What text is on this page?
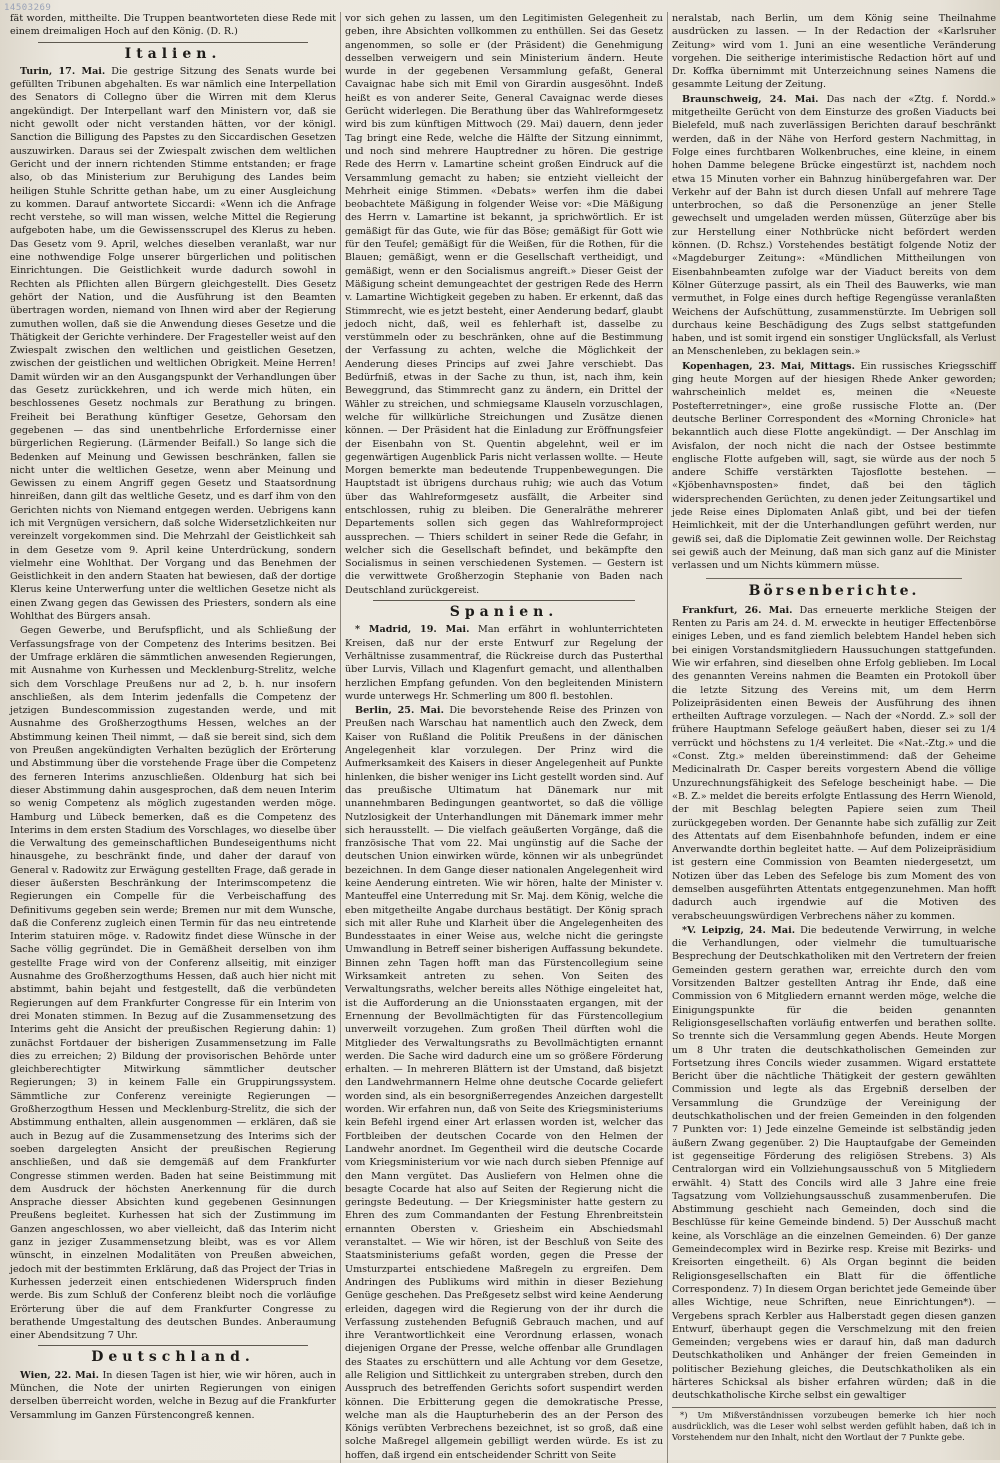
14503269

fät worden, mittheilte. Die Truppen beantworteten diese Rede mit einem dreimaligen Hoch auf den König. (D. R.)

Italien.

Turin, 17. Mai. Die gestrige Sitzung des Senats wurde bei gefüllten Tribunen abgehalten. Es war nämlich eine Interpellation des Senators di Collegno über die Wirren mit dem Klerus angekündigt. Der Interpellant warf den Ministern vor, daß sie nicht gewollt oder nicht verstanden hätten, vor der königl. Sanction die Billigung des Papstes zu den Siccardischen Gesetzen auszuwirken. Daraus sei der Zwiespalt zwischen dem weltlichen Gericht und der innern richtenden Stimme entstanden; er frage also, ob das Ministerium zur Beruhigung des Landes beim heiligen Stuhle Schritte gethan habe, um zu einer Ausgleichung zu kommen. Darauf antwortete Siccardi: «Wenn ich die Anfrage recht verstehe, so will man wissen, welche Mittel die Regierung aufgeboten habe, um die Gewissensscrupel des Klerus zu heben. Das Gesetz vom 9. April, welches dieselben veranlaßt, war nur eine nothwendige Folge unserer bürgerlichen und politischen Einrichtungen. Die Geistlichkeit wurde dadurch sowohl in Rechten als Pflichten allen Bürgern gleichgestellt. Dies Gesetz gehört der Nation, und die Ausführung ist den Beamten übertragen worden, niemand von Ihnen wird aber der Regierung zumuthen wollen, daß sie die Anwendung dieses Gesetze und die Thätigkeit der Gerichte verhindere. Der Fragesteller weist auf den Zwiespalt zwischen den weltlichen und geistlichen Gesetzen, zwischen der geistlichen und weltlichen Obrigkeit. Meine Herren! Damit würden wir an den Ausgangspunkt der Verhandlungen über das Gesetz zurückkehren, und ich werde mich hüten, ein beschlossenes Gesetz nochmals zur Berathung zu bringen. Freiheit bei Berathung künftiger Gesetze, Gehorsam den gegebenen — das sind unentbehrliche Erfordernisse einer bürgerlichen Regierung. (Lärmender Beifall.) So lange sich die Bedenken auf Meinung und Gewissen beschränken, fallen sie nicht unter die weltlichen Gesetze, wenn aber Meinung und Gewissen zu einem Angriff gegen Gesetz und Staatsordnung hinreißen, dann gilt das weltliche Gesetz, und es darf ihm von den Gerichten nichts von Niemand entgegen werden. Uebrigens kann ich mit Vergnügen versichern, daß solche Widersetzlichkeiten nur vereinzelt vorgekommen sind. Die Mehrzahl der Geistlichkeit sah in dem Gesetze vom 9. April keine Unterdrückung, sondern vielmehr eine Wohlthat. Der Vorgang und das Benehmen der Geistlichkeit in den andern Staaten hat bewiesen, daß der dortige Klerus keine Unterwerfung unter die weltlichen Gesetze nicht als einen Zwang gegen das Gewissen des Priesters, sondern als eine Wohlthat des Bürgers ansah.

Gegen Gewerbe, und Berufspflicht, und als Schließung der Verfassungsfrage von der Competenz des Interims besitzen. Bei der Umfrage erklären die sämmtlichen anwesenden Regierungen, mit Ausnahme von Kurhessen und Mecklenburg-Strelitz, welche sich dem Vorschlage Preußens nur ad 2, b. h. nur insofern anschließen, als dem Interim jedenfalls die Competenz der jetzigen Bundescommission zugestanden werde, und mit Ausnahme des Großherzogthums Hessen, welches an der Abstimmung keinen Theil nimmt, — daß sie bereit sind, sich dem von Preußen angekündigten Verhalten bezüglich der Erörterung und Abstimmung über die vorstehende Frage über die Competenz des ferneren Interims anzuschließen. Oldenburg hat sich bei dieser Abstimmung dahin ausgesprochen, daß dem neuen Interim so wenig Competenz als möglich zugestanden werden möge. Hamburg und Lübeck bemerken, daß es die Competenz des Interims in dem ersten Stadium des Vorschlages, wo dieselbe über die Verwaltung des gemeinschaftlichen Bundeseigenthums nicht hinausgehe, zu beschränkt finde, und daher der darauf von General v. Radowitz zur Erwägung gestellten Frage, daß gerade in dieser äußersten Beschränkung der Interimscompetenz die Regierungen ein Compelle für die Verbeischaffung des Definitivums gegeben sein werde; Bremen nur mit dem Wunsche, daß die Conferenz zugleich einen Termin für das neu eintretende Interim statuiren möge. v. Radowitz findet diese Wünsche in der Sache völlig gegründet. Die in Gemäßheit derselben von ihm gestellte Frage wird von der Conferenz allseitig, mit einziger Ausnahme des Großherzogthums Hessen, daß auch hier nicht mit abstimmt, bahin bejaht und festgestellt, daß die verbündeten Regierungen auf dem Frankfurter Congresse für ein Interim von drei Monaten stimmen. In Bezug auf die Zusammensetzung des Interims geht die Ansicht der preußischen Regierung dahin: 1) zunächst Fortdauer der bisherigen Zusammensetzung im Falle dies zu erreichen; 2) Bildung der provisorischen Behörde unter gleichberechtigter Mitwirkung sämmtlicher deutscher Regierungen; 3) in keinem Falle ein Gruppirungssystem. Sämmtliche zur Conferenz vereinigte Regierungen — Großherzogthum Hessen und Mecklenburg-Strelitz, die sich der Abstimmung enthalten, allein ausgenommen — erklären, daß sie auch in Bezug auf die Zusammensetzung des Interims sich der soeben dargelegten Ansicht der preußischen Regierung anschließen, und daß sie demgemäß auf dem Frankfurter Congresse stimmen werden. Baden hat seine Beistimmung mit dem Ausdruck der höchsten Anerkennung für die durch Ansprache diesser Absichten kund gegebenen Gesinnungen Preußens begleitet. Kurhessen hat sich der Zustimmung im Ganzen angeschlossen, wo aber vielleicht, daß das Interim nicht ganz in jeziger Zusammensetzung bleibt, was es vor Allem wünscht, in einzelnen Modalitäten von Preußen abweichen, jedoch mit der bestimmten Erklärung, daß das Project der Trias in Kurhessen jederzeit einen entschiedenen Widerspruch finden werde. Bis zum Schluß der Conferenz bleibt noch die vorläufige Erörterung über die auf dem Frankfurter Congresse zu berathende Umgestaltung des deutschen Bundes. Anberaumung einer Abendsitzung 7 Uhr.

Deutschland.

Wien, 22. Mai. In diesen Tagen ist hier, wie wir hören, auch in München, die Note der unirten Regierungen von einigen derselben überreicht worden, welche in Bezug auf die Frankfurter Versammlung im Ganzen Fürstencongreß kennen.

vor sich gehen zu lassen, um den Legitimisten Gelegenheit zu geben, ihre Absichten vollkommen zu enthüllen. Sei das Gesetz angenommen, so solle er (der Präsident) die Genehmigung desselben verweigern und sein Ministerium ändern. Heute wurde in der gegebenen Versammlung gefaßt, General Cavaignac habe sich mit Emil von Girardin ausgesöhnt. Indeß heißt es von anderer Seite, General Cavaignac werde dieses Gerücht widerlegen. Die Berathung über das Wahlreformgesetz wird bis zum künftigen Mittwoch (29. Mai) dauern, denn jeder Tag bringt eine Rede, welche die Hälfte der Sitzung einnimmt, und noch sind mehrere Hauptredner zu hören. Die gestrige Rede des Herrn v. Lamartine scheint großen Eindruck auf die Versammlung gemacht zu haben; sie entzieht vielleicht der Mehrheit einige Stimmen. «Debats» werfen ihm die dabei beobachtete Mäßigung in folgender Weise vor: «Die Mäßigung des Herrn v. Lamartine ist bekannt, ja sprichwörtlich. Er ist gemäßigt für das Gute, wie für das Böse; gemäßigt für Gott wie für den Teufel; gemäßigt für die Weißen, für die Rothen, für die Blauen; gemäßigt, wenn er die Gesellschaft vertheidigt, und gemäßigt, wenn er den Socialismus angreift.» Dieser Geist der Mäßigung scheint demungeachtet der gestrigen Rede des Herrn v. Lamartine Wichtigkeit gegeben zu haben. Er erkennt, daß das Stimmrecht, wie es jetzt besteht, einer Aenderung bedarf, glaubt jedoch nicht, daß, weil es fehlerhaft ist, dasselbe zu verstümmeln oder zu beschränken, ohne auf die Bestimmung der Verfassung zu achten, welche die Möglichkeit der Aenderung dieses Princips auf zwei Jahre verschiebt. Das Bedürfniß, etwas in der Sache zu thun, ist, nach ihm, kein Beweggrund, das Stimmrecht ganz zu ändern, ein Drittel der Wähler zu streichen, und schmiegsame Klauseln vorzuschlagen, welche für willkürliche Streichungen und Zusätze dienen können. — Der Präsident hat die Einladung zur Eröffnungsfeier der Eisenbahn von St. Quentin abgelehnt, weil er im gegenwärtigen Augenblick Paris nicht verlassen wollte. — Heute Morgen bemerkte man bedeutende Truppenbewegungen. Die Hauptstadt ist übrigens durchaus ruhig; wie auch das Votum über das Wahlreformgesetz ausfällt, die Arbeiter sind entschlossen, ruhig zu bleiben. Die Generalräthe mehrerer Departements sollen sich gegen das Wahlreformproject aussprechen. — Thiers schildert in seiner Rede die Gefahr, in welcher sich die Gesellschaft befindet, und bekämpfte den Socialismus in seinen verschiedenen Systemen. — Gestern ist die verwittwete Großherzogin Stephanie von Baden nach Deutschland zurückgereist.

Spanien.

* Madrid, 19. Mai. Man erfährt in wohlunterrichteten Kreisen, daß nur der erste Entwurf zur Regelung der Verhältnisse zusammentraf, die Rückreise durch das Pusterthal über Lurvis, Villach und Klagenfurt gemacht, und allenthalben herzlichen Empfang gefunden. Von den begleitenden Ministern wurde unterwegs Hr. Schmerling um 800 fl. bestohlen.

Berlin, 25. Mai. Die bevorstehende Reise des Prinzen von Preußen nach Warschau hat namentlich auch den Zweck, dem Kaiser von Rußland die Politik Preußens in der dänischen Angelegenheit klar vorzulegen. Der Prinz wird die Aufmerksamkeit des Kaisers in dieser Angelegenheit auf Punkte hinlenken, die bisher weniger ins Licht gestellt worden sind. Auf das preußische Ultimatum hat Dänemark nur mit unannehmbaren Bedingungen geantwortet, so daß die völlige Nutzlosigkeit der Unterhandlungen mit Dänemark immer mehr sich herausstellt. — Die vielfach geäußerten Vorgänge, daß die französische That vom 22. Mai ungünstig auf die Sache der deutschen Union einwirken würde, können wir als unbegründet bezeichnen. In dem Gange dieser nationalen Angelegenheit wird keine Aenderung eintreten. Wie wir hören, halte der Minister v. Manteuffel eine Unterredung mit Sr. Maj. dem König, welche die eben mitgetheilte Angabe durchaus bestätigt. Der König sprach sich mit aller Ruhe und Klarheit über die Angelegenheiten des Bundesstaates in einer Weise aus, welche nicht die geringste Umwandlung in Betreff seiner bisherigen Auffassung bekundete. Binnen zehn Tagen hofft man das Fürstencollegium seine Wirksamkeit antreten zu sehen. Von Seiten des Verwaltungsraths, welcher bereits alles Nöthige eingeleitet hat, ist die Aufforderung an die Unionsstaaten ergangen, mit der Ernennung der Bevollmächtigten für das Fürstencollegium unverweilt vorzugehen. Zum großen Theil dürften wohl die Mitglieder des Verwaltungsraths zu Bevollmächtigten ernannt werden. Die Sache wird dadurch eine um so größere Förderung erhalten. — In mehreren Blättern ist der Umstand, daß bisjetzt den Landwehrmannern Helme ohne deutsche Cocarde geliefert worden sind, als ein besorgnißerregendes Anzeichen dargestellt worden. Wir erfahren nun, daß von Seite des Kriegsministeriums kein Befehl irgend einer Art erlassen worden ist, welcher das Fortbleiben der deutschen Cocarde von den Helmen der Landwehr anordnet. Im Gegentheil wird die deutsche Cocarde vom Kriegsministerium vor wie nach durch sieben Pfennige auf den Mann vergütet. Das Ausliefern von Helmen ohne die besagte Cocarde hat also auf Seiten der Regierung nicht die geringste Bedeutung. — Der Kriegsminister hatte gestern zu Ehren des zum Commandanten der Festung Ehrenbreitstein ernannten Obersten v. Griesheim ein Abschiedsmahl veranstaltet. — Wie wir hören, ist der Beschluß von Seite des Staatsministeriums gefaßt worden, gegen die Presse der Umsturzpartei entschiedene Maßregeln zu ergreifen. Dem Andringen des Publikums wird mithin in dieser Beziehung Genüge geschehen. Das Preßgesetz selbst wird keine Aenderung erleiden, dagegen wird die Regierung von der ihr durch die Verfassung zustehenden Befugniß Gebrauch machen, und auf ihre Verantwortlichkeit eine Verordnung erlassen, wonach diejenigen Organe der Presse, welche offenbar alle Grundlagen des Staates zu erschüttern und alle Achtung vor dem Gesetze, alle Religion und Sittlichkeit zu untergraben streben, durch den Ausspruch des betreffenden Gerichts sofort suspendirt werden können. Die Erbitterung gegen die demokratische Presse, welche man als die Haupturheberin des an der Person des Königs verübten Verbrechens bezeichnet, ist so groß, daß eine solche Maßregel allgemein gebilligt werden würde. Es ist zu hoffen, daß irgend ein entscheidender Schritt von Seite

neralstab, nach Berlin, um dem König seine Theilnahme ausdrücken zu lassen. — In der Redaction der «Karlsruher Zeitung» wird vom 1. Juni an eine wesentliche Veränderung vorgehen. Die seitherige interimistische Redaction hört auf und Dr. Koffka übernimmt mit Unterzeichnung seines Namens die gesammte Leitung der Zeitung.

Braunschweig, 24. Mai. Das nach der «Ztg. f. Nordd.» mitgetheilte Gerücht von dem Einsturze des großen Viaducts bei Bielefeld, muß nach zuverlässigen Berichten darauf beschränkt werden, daß in der Nähe von Herford gestern Nachmittag, in Folge eines furchtbaren Wolkenbruches, eine kleine, in einem hohen Damme belegene Brücke eingestürzt ist, nachdem noch etwa 15 Minuten vorher ein Bahnzug hinübergefahren war. Der Verkehr auf der Bahn ist durch diesen Unfall auf mehrere Tage unterbrochen, so daß die Personenzüge an jener Stelle gewechselt und umgeladen werden müssen, Güterzüge aber bis zur Herstellung einer Nothbrücke nicht befördert werden können. (D. Rchsz.) Vorstehendes bestätigt folgende Notiz der «Magdeburger Zeitung»: «Mündlichen Mittheilungen von Eisenbahnbeamten zufolge war der Viaduct bereits von dem Kölner Güterzuge passirt, als ein Theil des Bauwerks, wie man vermuthet, in Folge eines durch heftige Regengüsse veranlaßten Weichens der Aufschüttung, zusammenstürzte. Im Uebrigen soll durchaus keine Beschädigung des Zugs selbst stattgefunden haben, und ist somit irgend ein sonstiger Unglücksfall, als Verlust an Menschenleben, zu beklagen sein.»

Kopenhagen, 23. Mai, Mittags. Ein russisches Kriegsschiff ging heute Morgen auf der hiesigen Rhede Anker geworden; wahrscheinlich meldet es, meinen die «Neueste Postefterretninger», eine große russische Flotte an. (Der deutsche Berliner Correspondent des «Morning Chronicle» hat bekanntlich auch diese Flotte angekündigt. — Der Anschlag im Avisfalon, der noch nicht die nach der Ostsee bestimmte englische Flotte aufgeben will, sagt, sie würde aus der noch 5 andere Schiffe verstärkten Tajosflotte bestehen. — «Kjöbenhavnsposten» findet, daß bei den täglich widersprechenden Gerüchten, zu denen jeder Zeitungsartikel und jede Reise eines Diplomaten Anlaß gibt, und bei der tiefen Heimlichkeit, mit der die Unterhandlungen geführt werden, nur gewiß sei, daß die Diplomatie Zeit gewinnen wolle. Der Reichstag sei gewiß auch der Meinung, daß man sich ganz auf die Minister verlassen und um Nichts kümmern müsse.

Börsenberichte.

Frankfurt, 26. Mai. Das erneuerte merkliche Steigen der Renten zu Paris am 24. d. M. erweckte in heutiger Effectenbörse einiges Leben, und es fand ziemlich belebtem Handel heben sich bei einigen Vorstandsmitgliedern Haussuchungen stattgefunden. Wie wir erfahren, sind dieselben ohne Erfolg geblieben. Im Local des genannten Vereins nahmen die Beamten ein Protokoll über die letzte Sitzung des Vereins mit, um dem Herrn Polizeipräsidenten einen Beweis der Ausführung des ihnen ertheilten Auftrage vorzulegen. — Nach der «Nordd. Z.» soll der frühere Hauptmann Sefeloge geäußert haben, dieser sei zu 1/4 verrückt und höchstens zu 1/4 verleitet. Die «Nat.-Ztg.» und die «Const. Ztg.» melden übereinstimmend: daß der Geheime Medicinalrath Dr. Casper bereits vorgestern Abend die völlige Unzurechnungsfähigkeit des Sefeloge bescheinigt habe. — Die «B. Z.» meldet die bereits erfolgte Entlassung des Herrn Wienold, der mit Beschlag belegten Papiere seien zum Theil zurückgegeben worden. Der Genannte habe sich zufällig zur Zeit des Attentats auf dem Eisenbahnhofe befunden, indem er eine Anverwandte dorthin begleitet hatte. — Auf dem Polizeipräsidium ist gestern eine Commission von Beamten niedergesetzt, um Notizen über das Leben des Sefeloge bis zum Moment des von demselben ausgeführten Attentats entgegenzunehmen. Man hofft dadurch auch irgendwie auf die Motiven des verabscheuungswürdigen Verbrechens näher zu kommen.

*V. Leipzig, 24. Mai. Die bedeutende Verwirrung, in welche die Verhandlungen, oder vielmehr die tumultuarische Besprechung der Deutschkatholiken mit den Vertretern der freien Gemeinden gestern gerathen war, erreichte durch den vom Vorsitzenden Baltzer gestellten Antrag ihr Ende, daß eine Commission von 6 Mitgliedern ernannt werden möge, welche die Einigungspunkte für die beiden genannten Religionsgesellschaften vorläufig entwerfen und berathen sollte. So trennte sich die Versammlung gegen Abends. Heute Morgen um 8 Uhr traten die deutschkatholischen Gemeinden zur Fortsetzung ihres Concils wieder zusammen. Wigard erstattete Bericht über die nächtliche Thätigkeit der gestern gewählten Commission und legte als das Ergebniß derselben der Versammlung die Grundzüge der Vereinigung der deutschkatholischen und der freien Gemeinden in den folgenden 7 Punkten vor: 1) Jede einzelne Gemeinde ist selbständig jeden äußern Zwang gegenüber. 2) Die Hauptaufgabe der Gemeinden ist gegenseitige Förderung des religiösen Strebens. 3) Als Centralorgan wird ein Vollziehungsausschuß von 5 Mitgliedern erwählt. 4) Statt des Concils wird alle 3 Jahre eine freie Tagsatzung vom Vollziehungsausschuß zusammenberufen. Die Abstimmung geschieht nach Gemeinden, doch sind die Beschlüsse für keine Gemeinde bindend. 5) Der Ausschuß macht keine, als Vorschläge an die einzelnen Gemeinden. 6) Der ganze Gemeindecomplex wird in Bezirke resp. Kreise mit Bezirks- und Kreisorten eingetheilt. 6) Als Organ beginnt die beiden Religionsgesellschaften ein Blatt für die öffentliche Correspondenz. 7) In diesem Organ berichtet jede Gemeinde über alles Wichtige, neue Schriften, neue Einrichtungen*). — Vergebens sprach Kerbler aus Halberstadt gegen diesen ganzen Entwurf, überhaupt gegen die Verschmelzung mit den freien Gemeinden; vergebens wies er darauf hin, daß man dadurch Deutschkatholiken und Anhänger der freien Gemeinden in politischer Beziehung gleiches, die Deutschkatholiken als ein härteres Schicksal als bisher erfahren würden; daß in die deutschkatholische Kirche selbst ein gewaltiger

*) Um Mißverständnissen vorzubeugen bemerke ich hier noch ausdrücklich, was die Leser wohl selbst werden gefühlt haben, daß ich in Vorstehendem nur den Inhalt, nicht den Wortlaut der 7 Punkte gebe.
